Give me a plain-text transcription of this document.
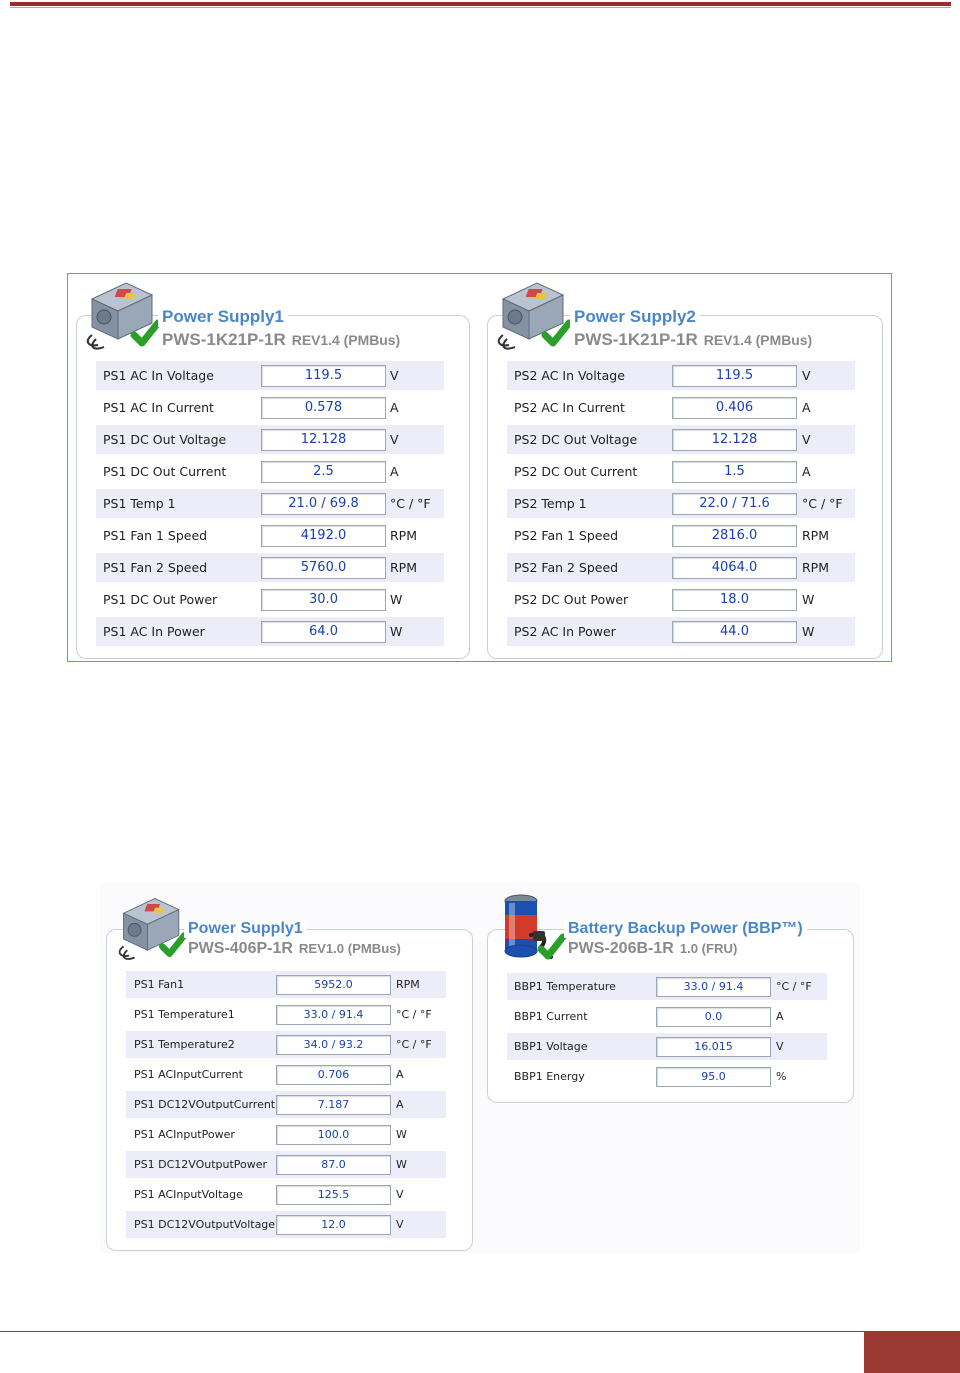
Power Supply1
PWS-1K21P-1R REV1.4 (PMBus)
PS1 AC In Voltage	119.5	V
PS1 AC In Current	0.578	A
PS1 DC Out Voltage	12.128	V
PS1 DC Out Current	2.5	A
PS1 Temp 1	21.0 / 69.8	°C / °F
PS1 Fan 1 Speed	4192.0	RPM
PS1 Fan 2 Speed	5760.0	RPM
PS1 DC Out Power	30.0	W
PS1 AC In Power	64.0	W
Power Supply2
PWS-1K21P-1R REV1.4 (PMBus)
PS2 AC In Voltage	119.5	V
PS2 AC In Current	0.406	A
PS2 DC Out Voltage	12.128	V
PS2 DC Out Current	1.5	A
PS2 Temp 1	22.0 / 71.6	°C / °F
PS2 Fan 1 Speed	2816.0	RPM
PS2 Fan 2 Speed	4064.0	RPM
PS2 DC Out Power	18.0	W
PS2 AC In Power	44.0	W
Power Supply1
PWS-406P-1R REV1.0 (PMBus)
PS1 Fan1	5952.0	RPM
PS1 Temperature1	33.0 / 91.4	°C / °F
PS1 Temperature2	34.0 / 93.2	°C / °F
PS1 ACInputCurrent	0.706	A
PS1 DC12VOutputCurrent	7.187	A
PS1 ACInputPower	100.0	W
PS1 DC12VOutputPower	87.0	W
PS1 ACInputVoltage	125.5	V
PS1 DC12VOutputVoltage	12.0	V
Battery Backup Power (BBP™)
PWS-206B-1R 1.0 (FRU)
BBP1 Temperature	33.0 / 91.4	°C / °F
BBP1 Current	0.0	A
BBP1 Voltage	16.015	V
BBP1 Energy	95.0	%
